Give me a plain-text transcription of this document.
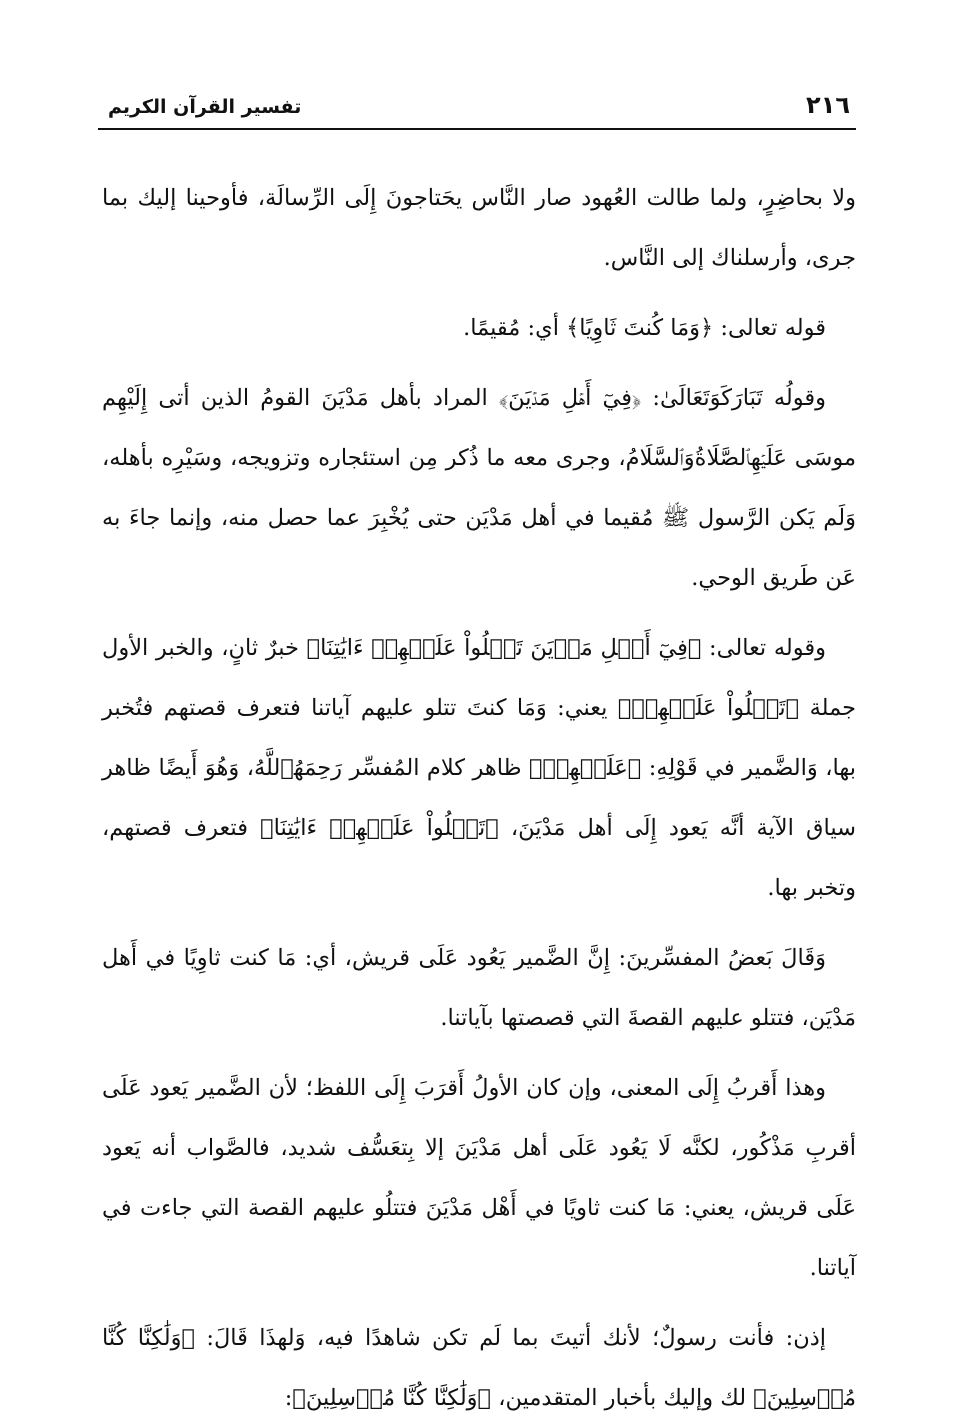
٢١٦
تفسير القرآن الكريم

ولا بحاضِرٍ، ولما طالت العُهود صار النَّاس يحَتاجونَ إِلَى الرِّسالَة، فأوحينا إليك بما جرى، وأرسلناك إلى النَّاس.

قوله تعالى: ﴿وَمَا كُنتَ ثَاوِيًا﴾ أي: مُقيمًا.

وقولُه تَبَارَكَوَتَعَالَىٰ: ﴿فِيٓ أَهۡلِ مَدۡيَنَ﴾ المراد بأهل مَدْيَنَ القومُ الذين أتى إِلَيْهِم موسَى عَلَيۡهِٱلصَّلَاةُوَٱلسَّلَامُ، وجرى معه ما ذُكر مِن استئجاره وتزويجه، وسَيْرِه بأهله، وَلَم يَكن الرَّسول ﷺ مُقيما في أهل مَدْيَن حتى يُخْبِرَ عما حصل منه، وإنما جاءَ به عَن طَريق الوحي.

وقوله تعالى: ﴿فِيٓ أَهۡلِ مَدۡيَنَ تَتۡلُواْ عَلَيۡهِمۡ ءَايَٰتِنَا﴾ خبرٌ ثانٍ، والخبر الأول جملة ﴿تَتۡلُواْ عَلَيۡهِمۡ﴾ يعني: وَمَا كنتَ تتلو عليهم آياتنا فتعرف قصتهم فتُخبر بها، وَالضَّمير في قَوْلِهِ: ﴿عَلَيۡهِمۡ﴾ ظاهر كلام المُفسِّر رَحِمَهُٱللَّهُ، وَهُوَ أَيضًا ظاهر سياق الآية أنَّه يَعود إِلَى أهل مَدْيَنَ، ﴿تَتۡلُواْ عَلَيۡهِمۡ ءَايَٰتِنَا﴾ فتعرف قصتهم، وتخبر بها.

وَقَالَ بَعضُ المفسِّرينَ: إِنَّ الضَّمير يَعُود عَلَى قريش، أي: مَا كنت ثاوِيًا في أَهل مَدْيَن، فتتلو عليهم القصةَ التي قصصتها بآياتنا.

وهذا أَقربُ إِلَى المعنى، وإن كان الأولُ أَقرَبَ إِلَى اللفظ؛ لأن الضَّمير يَعود عَلَى أقربِ مَذْكُور، لكنَّه لَا يَعُود عَلَى أهل مَدْيَنَ إلا بِتعَسُّف شديد، فالصَّواب أنه يَعود عَلَى قريش، يعني: مَا كنت ثاويًا في أَهْل مَدْيَنَ فتتلُو عليهم القصة التي جاءت في آياتنا.

إذن: فأنت رسولٌ؛ لأنك أتيتَ بما لَم تكن شاهدًا فيه، وَلهذَا قَالَ: ﴿وَلَٰكِنَّا كُنَّا مُرۡسِلِينَ﴾ لك وإليك بأخبار المتقدمين، ﴿وَلَٰكِنَّا كُنَّا مُرۡسِلِينَ﴾:
